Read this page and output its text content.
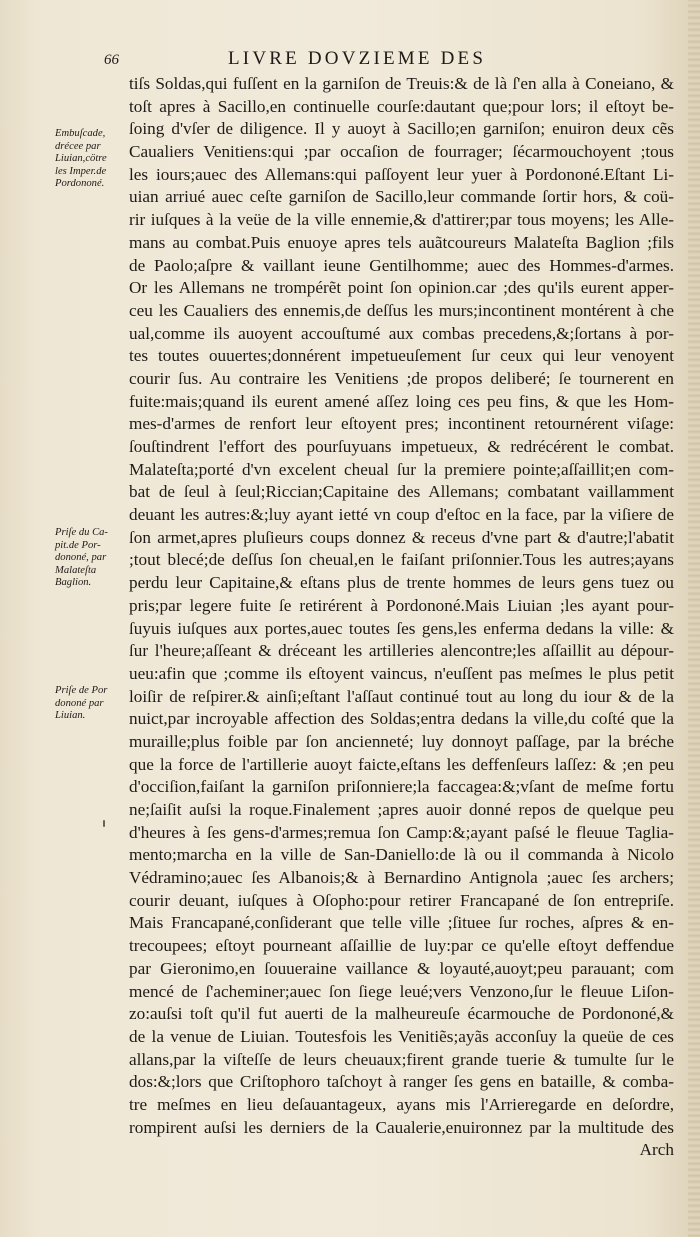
66	LIVRE DOVZIEME DES
Embuſcade,
drécee par
Liuian,cötre
les Imper.de
Pordononé.
Priſe du Ca-
pit.de Por-
dononé, par
Malateſta
Baglion.
Priſe de Por
dononé par
Liuian.
tiſs Soldas,qui fuſſent en la garniſon de Treuis:& de là ſ'en alla à Coneiano, &
toſt apres à Sacillo,en continuelle courſe:dautant que;pour lors; il eſtoyt be-
ſoing d'vſer de diligence. Il y auoyt à Sacillo;en garniſon; enuiron deux cẽs
Caualiers Venitiens:qui ;par occaſion de fourrager; ſécarmouchoyent ;tous
les iours;auec des Allemans:qui paſſoyent leur yuer à Pordononé.Eſtant Li-
uian arriué auec ceſte garniſon de Sacillo,leur commande ſortir hors, & coü-
rir iuſques à la veüe de la ville ennemie,& d'attirer;par tous moyens; les Alle-
mans au combat.Puis enuoye apres tels auãtcoureurs Malateſta Baglion ;fils
de Paolo;aſpre & vaillant ieune Gentilhomme; auec des Hommes-d'armes.
Or les Allemans ne trompérẽt point ſon opinion.car ;des qu'ils eurent apper-
ceu les Caualiers des ennemis,de deſſus les murs;incontinent montérent à che
ual,comme ils auoyent accouſtumé aux combas precedens,&;ſortans à por-
tes toutes ouuertes;donnérent impetueuſement ſur ceux qui leur venoyent
courir ſus. Au contraire les Venitiens ;de propos deliberé; ſe tournerent en
fuite:mais;quand ils eurent amené aſſez loing ces peu fins, & que les Hom-
mes-d'armes de renfort leur eſtoyent pres; incontinent retournérent viſage:
ſouſtindrent l'effort des pourſuyuans impetueux, & redrécérent le combat.
Malateſta;porté d'vn excelent cheual ſur la premiere pointe;aſſaillit;en com-
bat de ſeul à ſeul;Riccian;Capitaine des Allemans; combatant vaillamment
deuant les autres:&;luy ayant ietté vn coup d'eſtoc en la face, par la viſiere de
ſon armet,apres pluſieurs coups donnez & receus d'vne part & d'autre;l'abatit
;tout blecé;de deſſus ſon cheual,en le faiſant priſonnier.Tous les autres;ayans
perdu leur Capitaine,& eſtans plus de trente hommes de leurs gens tuez ou
pris;par legere fuite ſe retirérent à Pordononé.Mais Liuian ;les ayant pour-
ſuyuis iuſques aux portes,auec toutes ſes gens,les enferma dedans la ville: &
ſur l'heure;aſſeant & dréceant les artilleries alencontre;les aſſaillit au dépour-
ueu:afin que ;comme ils eſtoyent vaincus, n'euſſent pas meſmes le plus petit
loiſir de reſpirer.& ainſi;eſtant l'aſſaut continué tout au long du iour & de la
nuict,par incroyable affection des Soldas;entra dedans la ville,du coſté que la
muraille;plus foible par ſon ancienneté; luy donnoyt paſſage, par la bréche
que la force de l'artillerie auoyt faicte,eſtans les deffenſeurs laſſez: & ;en peu
d'occiſion,faiſant la garniſon priſonniere;la faccagea:&;vſant de meſme fortu
ne;ſaiſit auſsi la roque.Finalement ;apres auoir donné repos de quelque peu
d'heures à ſes gens-d'armes;remua ſon Camp:&;ayant paſsé le fleuue Taglia-
mento;marcha en la ville de San-Daniello:de là ou il commanda à Nicolo
Védramino;auec ſes Albanois;& à Bernardino Antignola ;auec ſes archers;
courir deuant, iuſques à Oſopho:pour retirer Francapané de ſon entrepriſe.
Mais Francapané,conſiderant que telle ville ;ſituee ſur roches, aſpres & en-
trecoupees; eſtoyt pourneant aſſaillie de luy:par ce qu'elle eſtoyt deffendue
par Gieronimo,en ſouueraine vaillance & loyauté,auoyt;peu parauant; com
mencé de ſ'acheminer;auec ſon ſiege leué;vers Venzono,ſur le fleuue Liſon-
zo:auſsi toſt qu'il fut auerti de la malheureuſe écarmouche de Pordononé,&
de la venue de Liuian. Toutesfois les Venitiẽs;ayãs acconſuy la queüe de ces
allans,par la viſteſſe de leurs cheuaux;firent grande tuerie & tumulte ſur le
dos:&;lors que Criſtophoro taſchoyt à ranger ſes gens en bataille, & comba-
tre meſmes en lieu deſauantageux, ayans mis l'Arrieregarde en deſordre,
rompirent auſsi les derniers de la Caualerie,enuironnez par la multitude des
Arch
